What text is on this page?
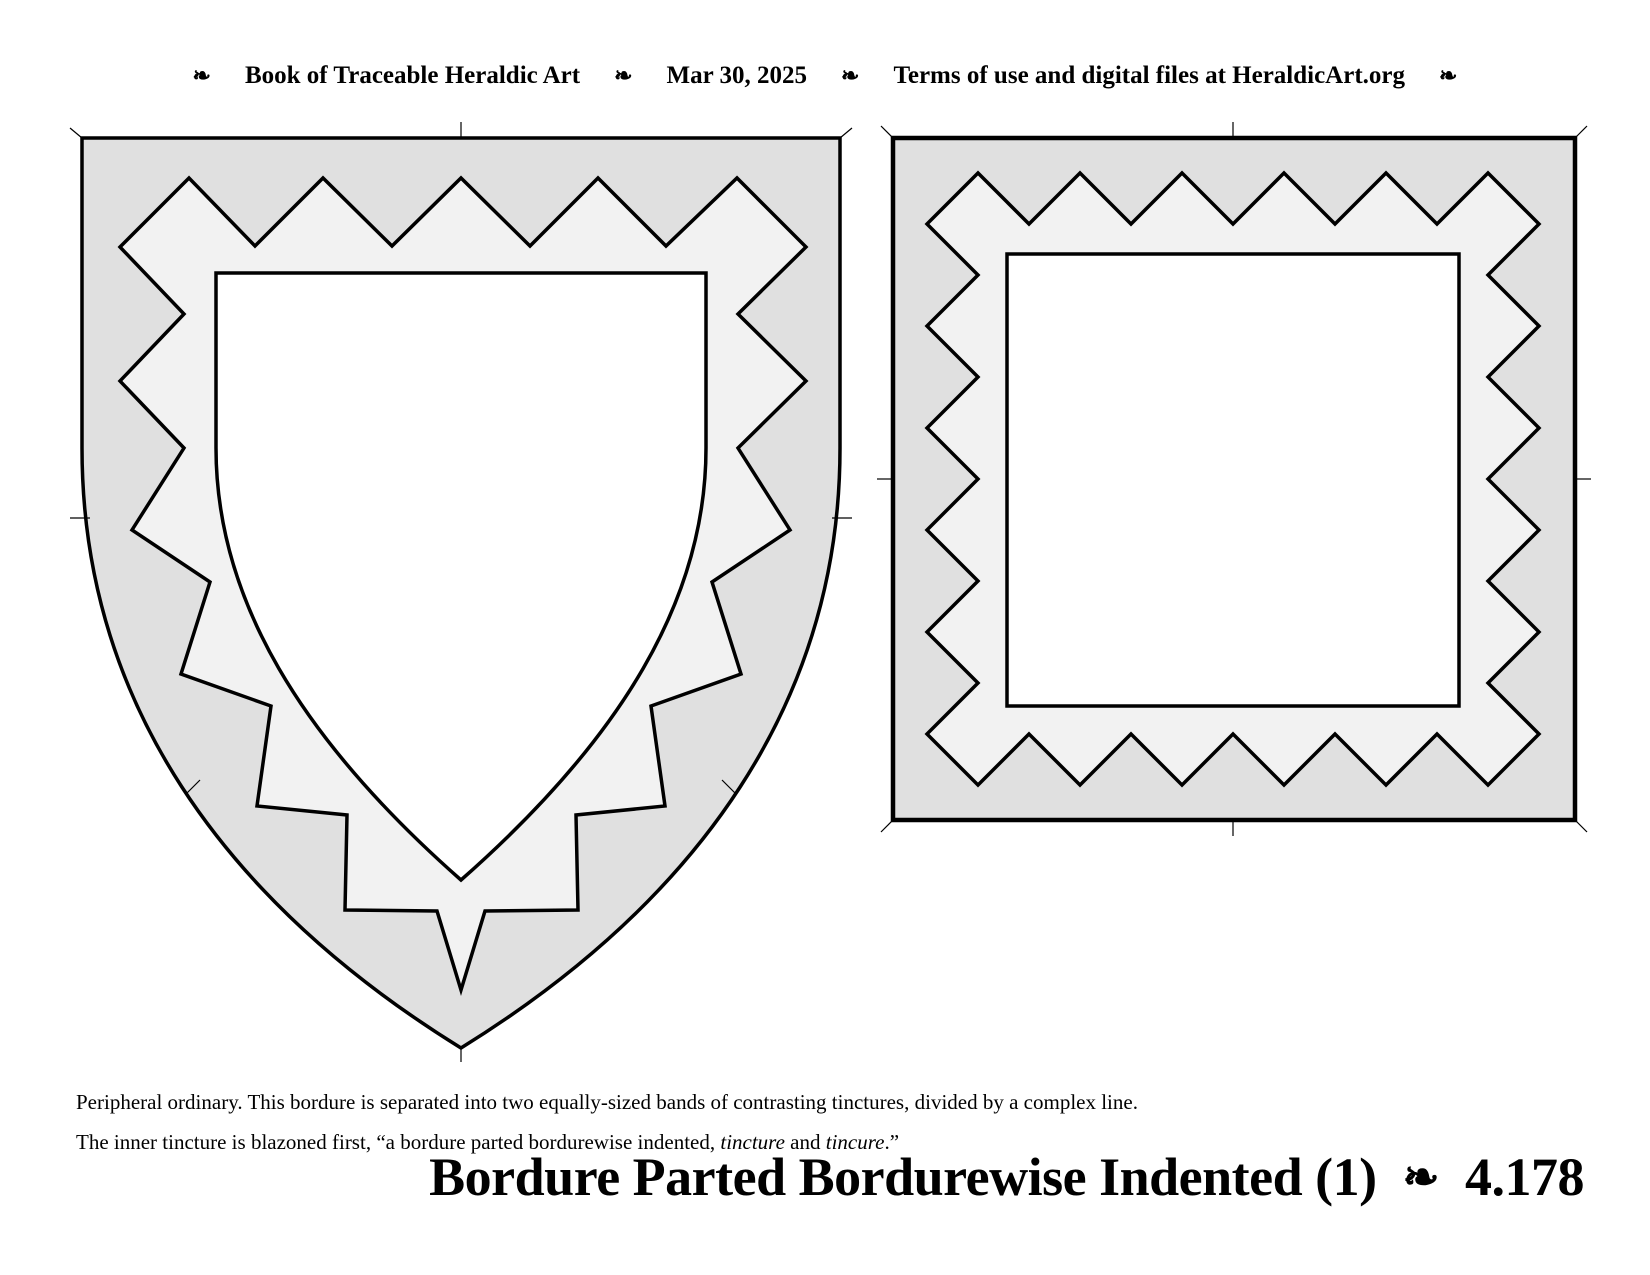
❧	Book of Traceable Heraldic Art	❧	Mar 30, 2025	❧	Terms of use and digital files at HeraldicArt.org	❧

Peripheral ordinary. This bordure is separated into two equally-sized bands of contrasting tinctures, divided by a complex line.

The inner tincture is blazoned first, “a bordure parted bordurewise indented, tincture and tincure.”

Bordure Parted Bordurewise Indented (1) ❧ 4.178
